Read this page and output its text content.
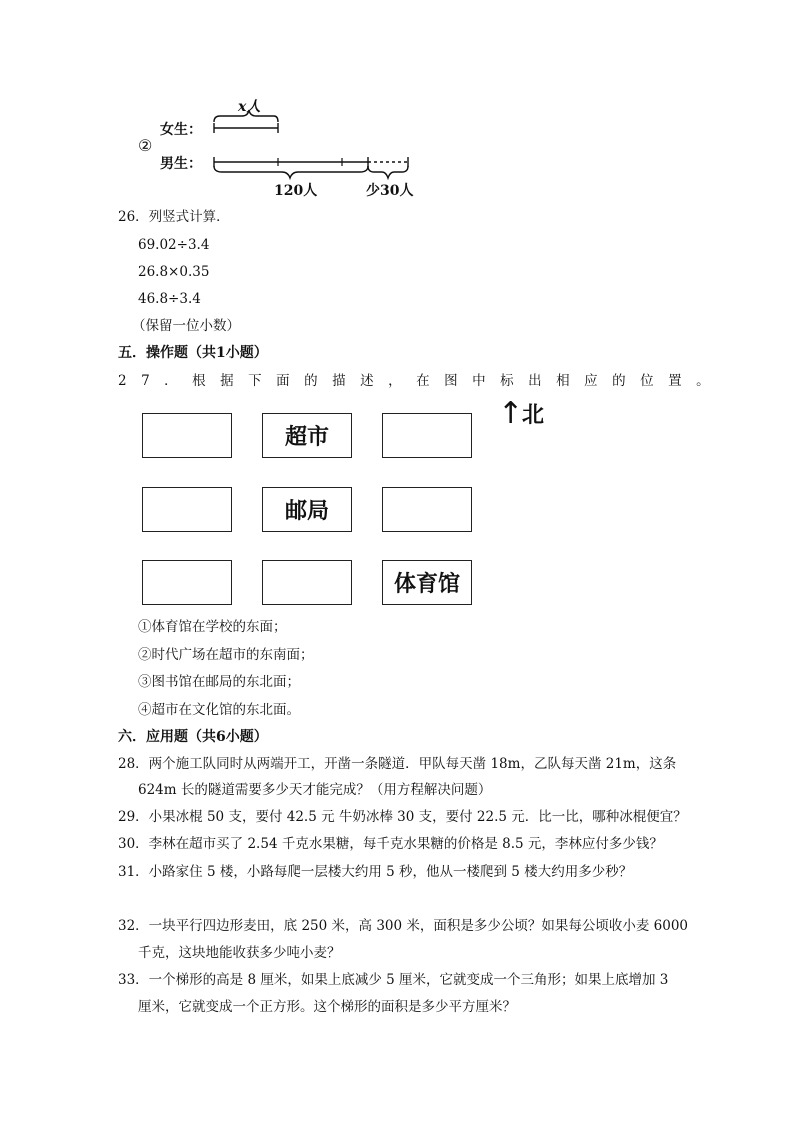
x人
女生：
②
男生：
120人	少30人
26．列竖式计算．
69.02÷3.4
26.8×0.35
46.8÷3.4
（保留一位小数）
五．操作题（共1小题）
27．根据下面的描述，在图中标出相应的位置。
↑
北
超市
邮局
体育馆
①体育馆在学校的东面；
②时代广场在超市的东南面；
③图书馆在邮局的东北面；
④超市在文化馆的东北面。
六．应用题（共6小题）
28．两个施工队同时从两端开工，开凿一条隧道．甲队每天凿 18m，乙队每天凿 21m，这条
624m 长的隧道需要多少天才能完成？（用方程解决问题）
29．小果冰棍 50 支，要付 42.5 元 牛奶冰棒 30 支，要付 22.5 元．比一比，哪种冰棍便宜？
30．李林在超市买了 2.54 千克水果糖，每千克水果糖的价格是 8.5 元，李林应付多少钱？
31．小路家住 5 楼，小路每爬一层楼大约用 5 秒，他从一楼爬到 5 楼大约用多少秒？
32．一块平行四边形麦田，底 250 米，高 300 米，面积是多少公顷？如果每公顷收小麦 6000
千克，这块地能收获多少吨小麦？
33．一个梯形的高是 8 厘米，如果上底减少 5 厘米，它就变成一个三角形；如果上底增加 3
厘米，它就变成一个正方形。这个梯形的面积是多少平方厘米？
